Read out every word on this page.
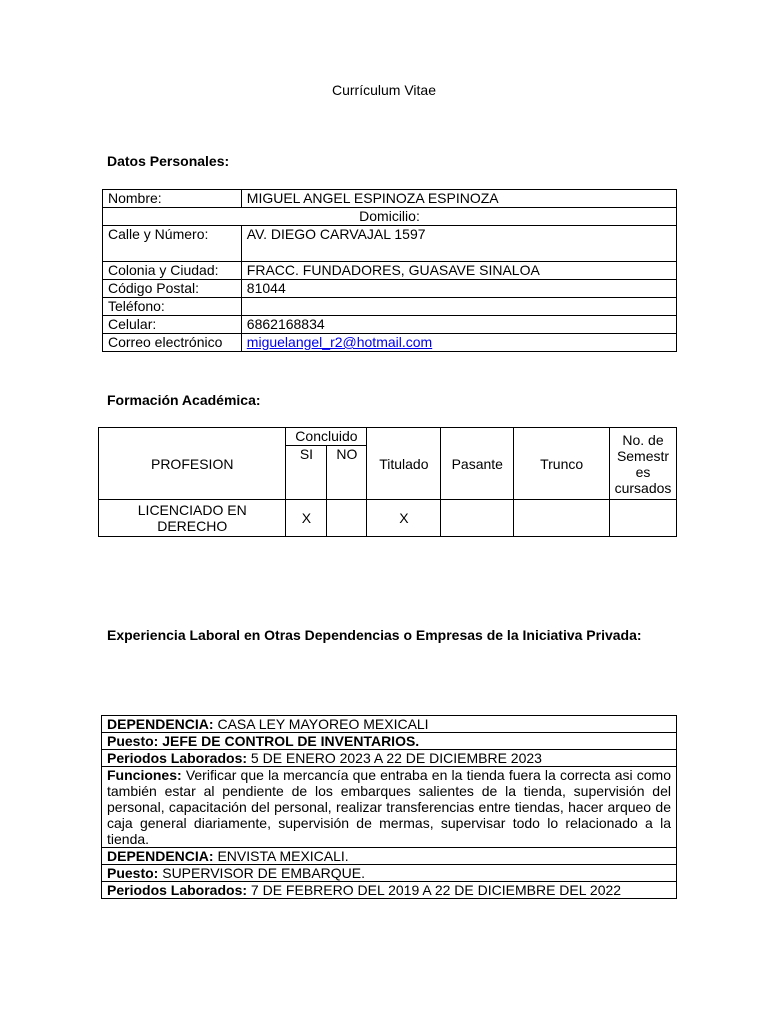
Currículum Vitae
Datos Personales:
Nombre:	MIGUEL ANGEL ESPINOZA ESPINOZA
Domicilio:	
Calle y Número:	AV. DIEGO CARVAJAL 1597
Colonia y Ciudad:	FRACC. FUNDADORES, GUASAVE SINALOA
Código Postal:	81044
Teléfono:	
Celular:	6862168834
Correo electrónico	miguelangel_r2@hotmail.com
Formación Académica:
PROFESION	Concluido		Titulado	Pasante	Trunco	No. de Semestr es cursados
	SI	NO				
LICENCIADO EN DERECHO	X		X			
Experiencia Laboral en Otras Dependencias o Empresas de la Iniciativa Privada:
DEPENDENCIA: CASA LEY MAYOREO MEXICALI
Puesto: JEFE DE CONTROL DE INVENTARIOS.
Periodos Laborados: 5 DE ENERO 2023 A 22 DE DICIEMBRE 2023
Funciones: Verificar que la mercancía que entraba en la tienda fuera la correcta asi como también estar al pendiente de los embarques salientes de la tienda, supervisión del personal, capacitación del personal, realizar transferencias entre tiendas, hacer arqueo de caja general diariamente, supervisión de mermas, supervisar todo lo relacionado a la tienda.
DEPENDENCIA: ENVISTA MEXICALI.
Puesto: SUPERVISOR DE EMBARQUE.
Periodos Laborados: 7 DE FEBRERO DEL 2019 A 22 DE DICIEMBRE DEL 2022
